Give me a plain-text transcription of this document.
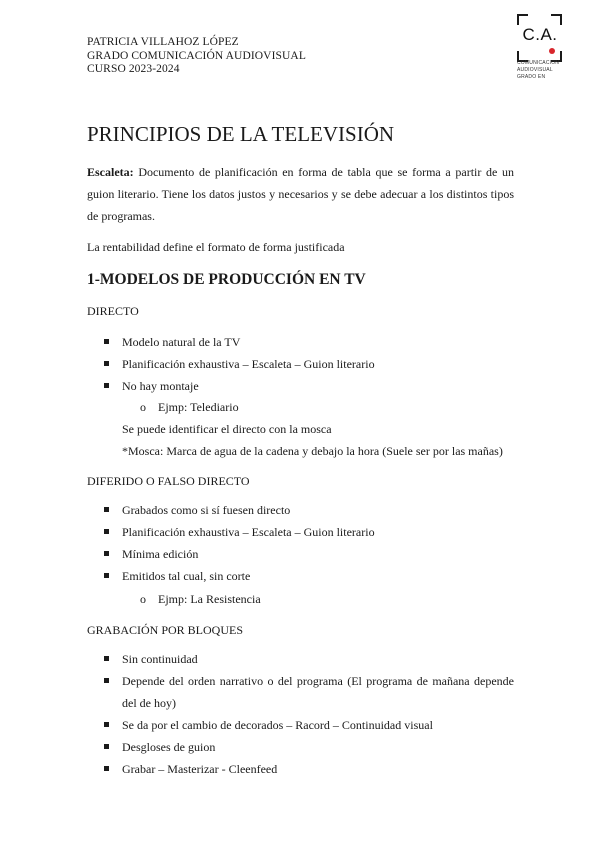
PATRICIA VILLAHOZ LÓPEZ
GRADO COMUNICACIÓN AUDIOVISUAL
CURSO 2023-2024
C.A.
COMUNICACIÓN
AUDIOVISUAL
GRADO EN
PRINCIPIOS DE LA TELEVISIÓN
Escaleta: Documento de planificación en forma de tabla que se forma a partir de un guion literario. Tiene los datos justos y necesarios y se debe adecuar a los distintos tipos de programas.
La rentabilidad define el formato de forma justificada
1-MODELOS DE PRODUCCIÓN EN TV
DIRECTO
Modelo natural de la TV
Planificación exhaustiva – Escaleta – Guion literario
No hay montaje
o Ejmp: Telediario
Se puede identificar el directo con la mosca
*Mosca: Marca de agua de la cadena y debajo la hora (Suele ser por las mañas)
DIFERIDO O FALSO DIRECTO
Grabados como si sí fuesen directo
Planificación exhaustiva – Escaleta – Guion literario
Mínima edición
Emitidos tal cual, sin corte
o Ejmp: La Resistencia
GRABACIÓN POR BLOQUES
Sin continuidad
Depende del orden narrativo o del programa (El programa de mañana depende del de hoy)
Se da por el cambio de decorados – Racord – Continuidad visual
Desgloses de guion
Grabar – Masterizar - Cleenfeed
